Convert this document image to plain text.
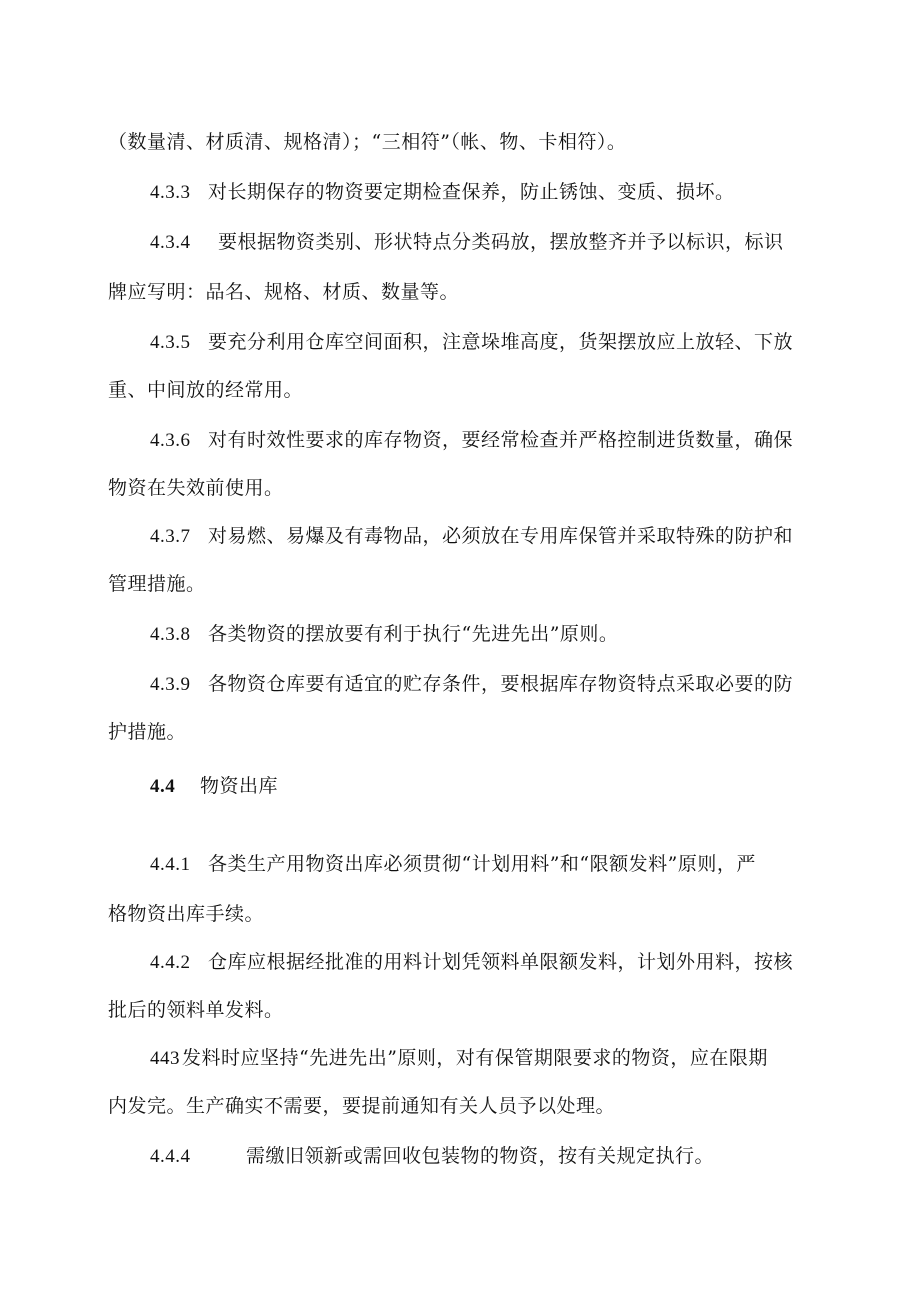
（数量清、材质清、规格清）；“三相符”（帐、物、卡相符）。
4.3.3 对长期保存的物资要定期检查保养，防止锈蚀、变质、损坏。
4.3.4 要根据物资类别、形状特点分类码放，摆放整齐并予以标识，标识
牌应写明：品名、规格、材质、数量等。
4.3.5 要充分利用仓库空间面积，注意垛堆高度，货架摆放应上放轻、下放
重、中间放的经常用。
4.3.6 对有时效性要求的库存物资，要经常检查并严格控制进货数量，确保
物资在失效前使用。
4.3.7 对易燃、易爆及有毒物品，必须放在专用库保管并采取特殊的防护和
管理措施。
4.3.8 各类物资的摆放要有利于执行“先进先出”原则。
4.3.9 各物资仓库要有适宜的贮存条件，要根据库存物资特点采取必要的防
护措施。
4.4 物资出库
4.4.1 各类生产用物资出库必须贯彻“计划用料”和“限额发料”原则，严
格物资出库手续。
4.4.2 仓库应根据经批准的用料计划凭领料单限额发料，计划外用料，按核
批后的领料单发料。
443 发料时应坚持“先进先出”原则，对有保管期限要求的物资，应在限期
内发完。生产确实不需要，要提前通知有关人员予以处理。
4.4.4	需缴旧领新或需回收包装物的物资，按有关规定执行。
